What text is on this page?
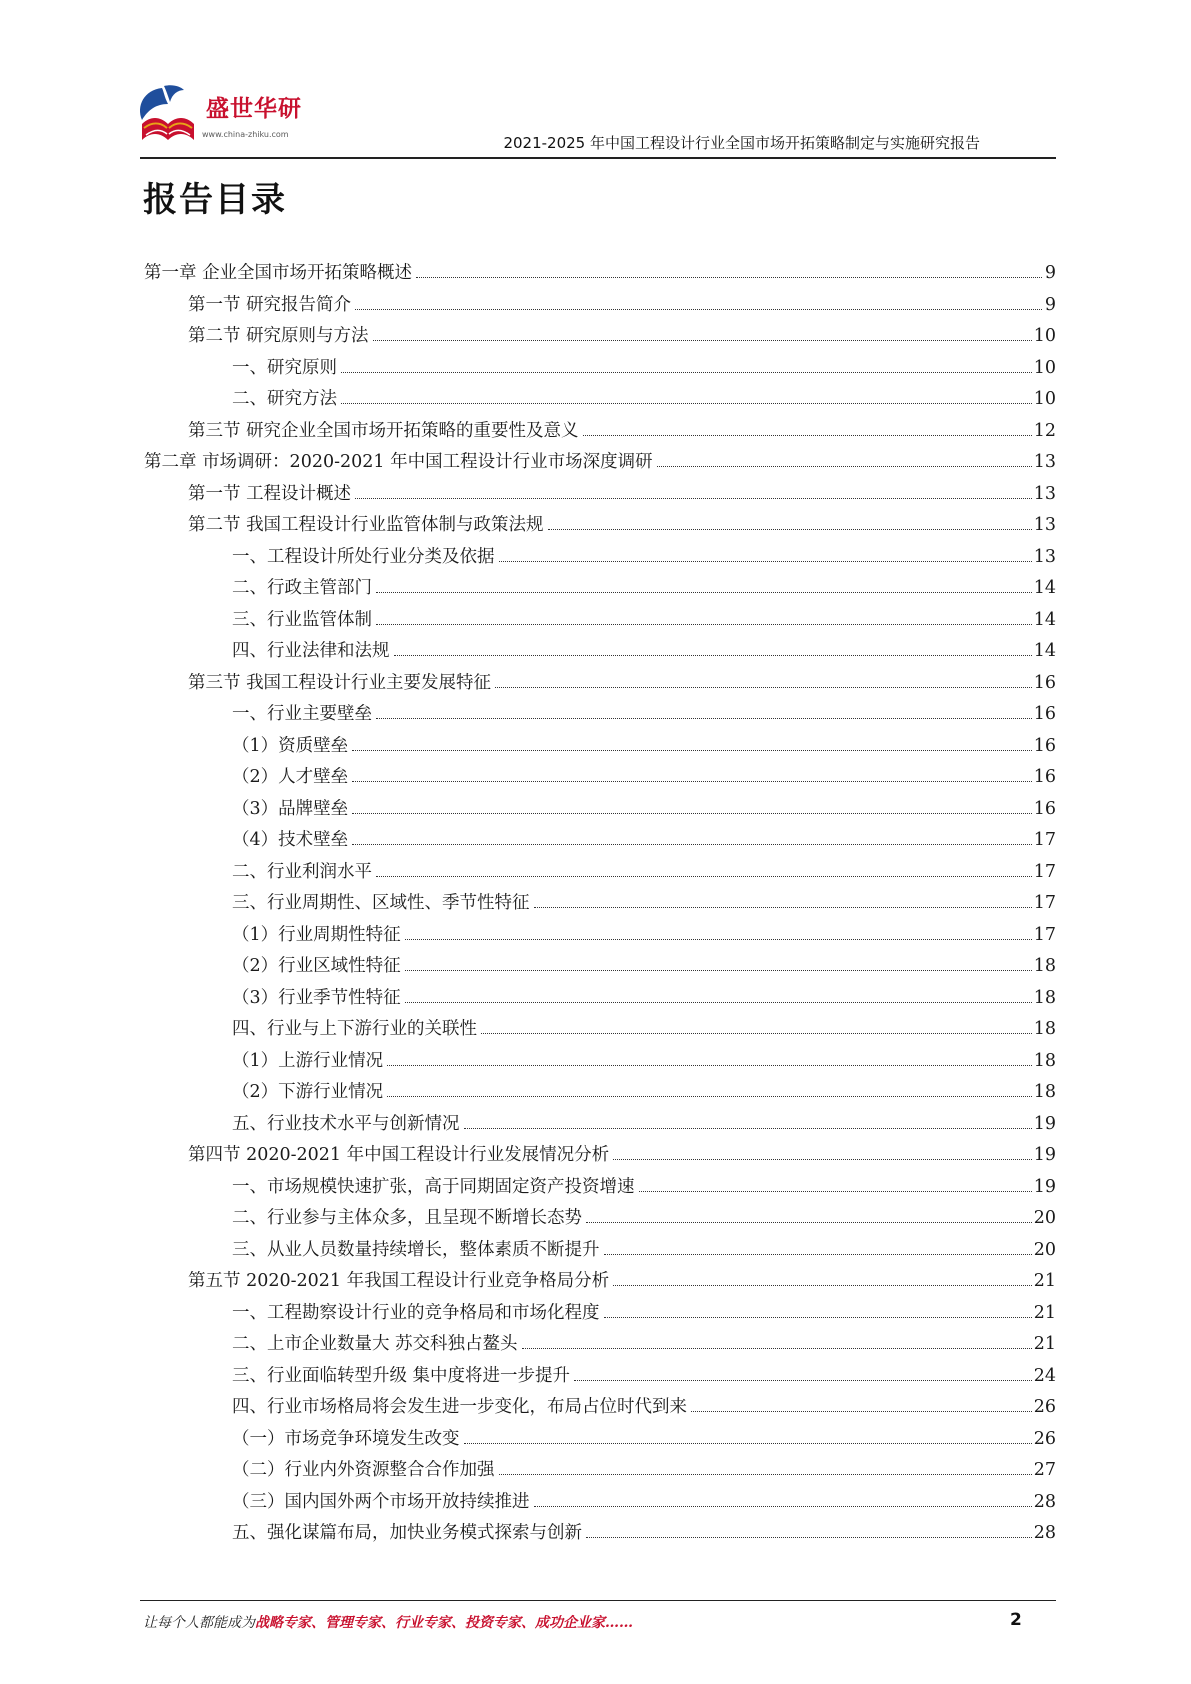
盛世华研
www.china-zhiku.com	2021-2025 年中国工程设计行业全国市场开拓策略制定与实施研究报告
报告目录
第一章 企业全国市场开拓策略概述	9
第一节 研究报告简介	9
第二节 研究原则与方法	10
一、研究原则	10
二、研究方法	10
第三节 研究企业全国市场开拓策略的重要性及意义	12
第二章 市场调研：2020-2021 年中国工程设计行业市场深度调研	13
第一节 工程设计概述	13
第二节 我国工程设计行业监管体制与政策法规	13
一、工程设计所处行业分类及依据	13
二、行政主管部门	14
三、行业监管体制	14
四、行业法律和法规	14
第三节 我国工程设计行业主要发展特征	16
一、行业主要壁垒	16
（1）资质壁垒	16
（2）人才壁垒	16
（3）品牌壁垒	16
（4）技术壁垒	17
二、行业利润水平	17
三、行业周期性、区域性、季节性特征	17
（1）行业周期性特征	17
（2）行业区域性特征	18
（3）行业季节性特征	18
四、行业与上下游行业的关联性	18
（1）上游行业情况	18
（2）下游行业情况	18
五、行业技术水平与创新情况	19
第四节 2020-2021 年中国工程设计行业发展情况分析	19
一、市场规模快速扩张，高于同期固定资产投资增速	19
二、行业参与主体众多，且呈现不断增长态势	20
三、从业人员数量持续增长，整体素质不断提升	20
第五节 2020-2021 年我国工程设计行业竞争格局分析	21
一、工程勘察设计行业的竞争格局和市场化程度	21
二、上市企业数量大 苏交科独占鳌头	21
三、行业面临转型升级 集中度将进一步提升	24
四、行业市场格局将会发生进一步变化，布局占位时代到来	26
（一）市场竞争环境发生改变	26
（二）行业内外资源整合合作加强	27
（三）国内国外两个市场开放持续推进	28
五、强化谋篇布局，加快业务模式探索与创新	28
让每个人都能成为战略专家、管理专家、行业专家、投资专家、成功企业家……	2
